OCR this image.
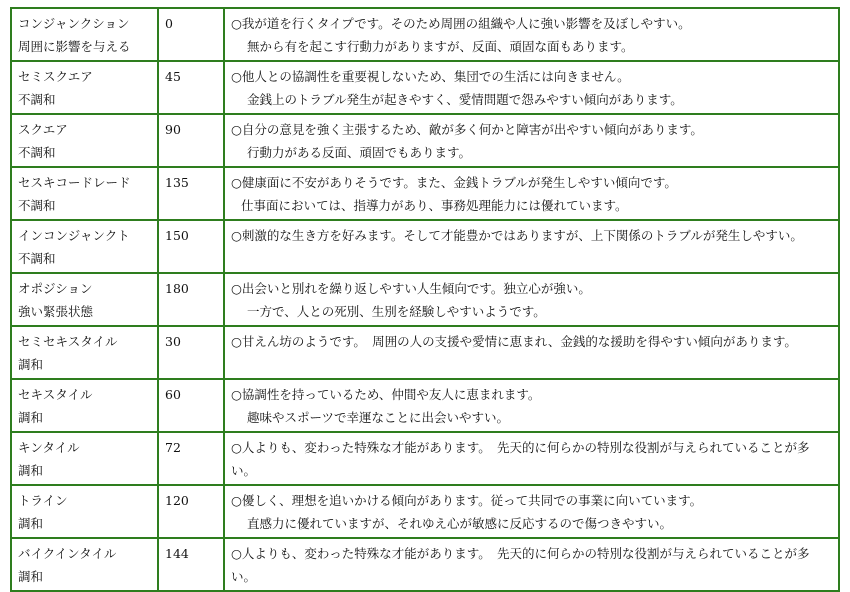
コンジャンクション
周囲に影響を与える	0	○我が道を行くタイプです。そのため周囲の組織や人に強い影響を及ぼしやすい。
無から有を起こす行動力がありますが、反面、頑固な面もあります。

セミスクエア
不調和	45	○他人との協調性を重要視しないため、集団での生活には向きません。
金銭上のトラブル発生が起きやすく、愛情問題で怨みやすい傾向があります。

スクエア
不調和	90	○自分の意見を強く主張するため、敵が多く何かと障害が出やすい傾向があります。
行動力がある反面、頑固でもあります。

セスキコードレード
不調和	135	○健康面に不安がありそうです。また、金銭トラブルが発生しやすい傾向です。
仕事面においては、指導力があり、事務処理能力には優れています。

インコンジャンクト
不調和	150	○刺激的な生き方を好みます。そして才能豊かではありますが、上下関係のトラブルが発生しやすい。

オポジション
強い緊張状態	180	○出会いと別れを繰り返しやすい人生傾向です。独立心が強い。
一方で、人との死別、生別を経験しやすいようです。

セミセキスタイル
調和	30	○甘えん坊のようです。　周囲の人の支援や愛情に恵まれ、金銭的な援助を得やすい傾向があります。

セキスタイル
調和	60	○協調性を持っているため、仲間や友人に恵まれます。
趣味やスポーツで幸運なことに出会いやすい。

キンタイル
調和	72	○人よりも、変わった特殊な才能があります。　先天的に何らかの特別な役割が与えられていることが多い。

トライン
調和	120	○優しく、理想を追いかける傾向があります。従って共同での事業に向いています。
直感力に優れていますが、それゆえ心が敏感に反応するので傷つきやすい。

バイクインタイル
調和	144	○人よりも、変わった特殊な才能があります。　先天的に何らかの特別な役割が与えられていることが多い。
